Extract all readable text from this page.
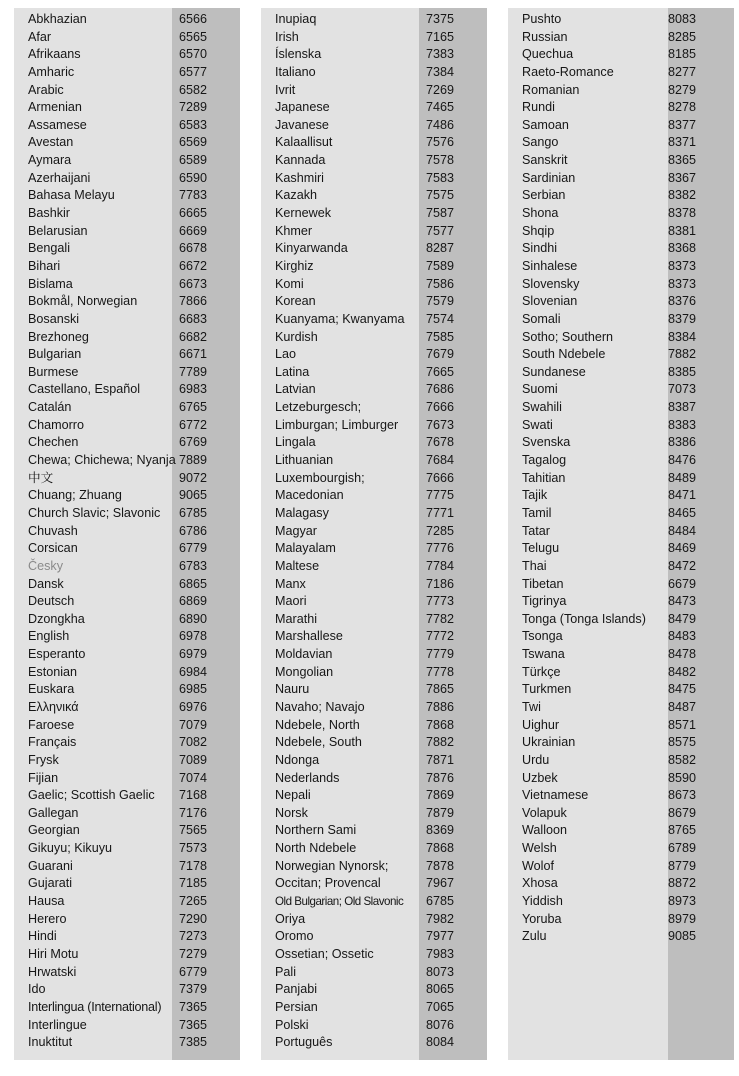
Abkhazian	6566
Afar	6565
Afrikaans	6570
Amharic	6577
Arabic	6582
Armenian	7289
Assamese	6583
Avestan	6569
Aymara	6589
Azerhaijani	6590
Bahasa Melayu	7783
Bashkir	6665
Belarusian	6669
Bengali	6678
Bihari	6672
Bislama	6673
Bokmål, Norwegian	7866
Bosanski	6683
Brezhoneg	6682
Bulgarian	6671
Burmese	7789
Castellano, Español	6983
Catalán	6765
Chamorro	6772
Chechen	6769
Chewa; Chichewa; Nyanja 7889
中文	9072
Chuang; Zhuang	9065
Church Slavic; Slavonic 6785
Chuvash	6786
Corsican	6779
Česky	6783
Dansk	6865
Deutsch	6869
Dzongkha	6890
English	6978
Esperanto	6979
Estonian	6984
Euskara	6985
Ελληνικά	6976
Faroese	7079
Français	7082
Frysk	7089
Fijian	7074
Gaelic; Scottish Gaelic 7168
Gallegan	7176
Georgian	7565
Gikuyu; Kikuyu	7573
Guarani	7178
Gujarati	7185
Hausa	7265
Herero	7290
Hindi	7273
Hiri Motu	7279
Hrwatski	6779
Ido	7379
Interlingua (International) 7365
Interlingue	7365
Inuktitut	7385
Inupiaq	7375
Irish	7165
Íslenska	7383
Italiano	7384
Ivrit	7269
Japanese	7465
Javanese	7486
Kalaallisut	7576
Kannada	7578
Kashmiri	7583
Kazakh	7575
Kernewek	7587
Khmer	7577
Kinyarwanda	8287
Kirghiz	7589
Komi	7586
Korean	7579
Kuanyama; Kwanyama 7574
Kurdish	7585
Lao	7679
Latina	7665
Latvian	7686
Letzeburgesch;	7666
Limburgan; Limburger 7673
Lingala	7678
Lithuanian	7684
Luxembourgish;	7666
Macedonian	7775
Malagasy	7771
Magyar	7285
Malayalam	7776
Maltese	7784
Manx	7186
Maori	7773
Marathi	7782
Marshallese	7772
Moldavian	7779
Mongolian	7778
Nauru	7865
Navaho; Navajo	7886
Ndebele, North	7868
Ndebele, South	7882
Ndonga	7871
Nederlands	7876
Nepali	7869
Norsk	7879
Northern Sami	8369
North Ndebele	7868
Norwegian Nynorsk;	7878
Occitan; Provencal	7967
Old Bulgarian; Old Slavonic 6785
Oriya	7982
Oromo	7977
Ossetian; Ossetic	7983
Pali	8073
Panjabi	8065
Persian	7065
Polski	8076
Português	8084
Pushto	8083
Russian	8285
Quechua	8185
Raeto-Romance	8277
Romanian	8279
Rundi	8278
Samoan	8377
Sango	8371
Sanskrit	8365
Sardinian	8367
Serbian	8382
Shona	8378
Shqip	8381
Sindhi	8368
Sinhalese	8373
Slovensky	8373
Slovenian	8376
Somali	8379
Sotho; Southern	8384
South Ndebele	7882
Sundanese	8385
Suomi	7073
Swahili	8387
Swati	8383
Svenska	8386
Tagalog	8476
Tahitian	8489
Tajik	8471
Tamil	8465
Tatar	8484
Telugu	8469
Thai	8472
Tibetan	6679
Tigrinya	8473
Tonga (Tonga Islands) 8479
Tsonga	8483
Tswana	8478
Türkçe	8482
Turkmen	8475
Twi	8487
Uighur	8571
Ukrainian	8575
Urdu	8582
Uzbek	8590
Vietnamese	8673
Volapuk	8679
Walloon	8765
Welsh	6789
Wolof	8779
Xhosa	8872
Yiddish	8973
Yoruba	8979
Zulu	9085
